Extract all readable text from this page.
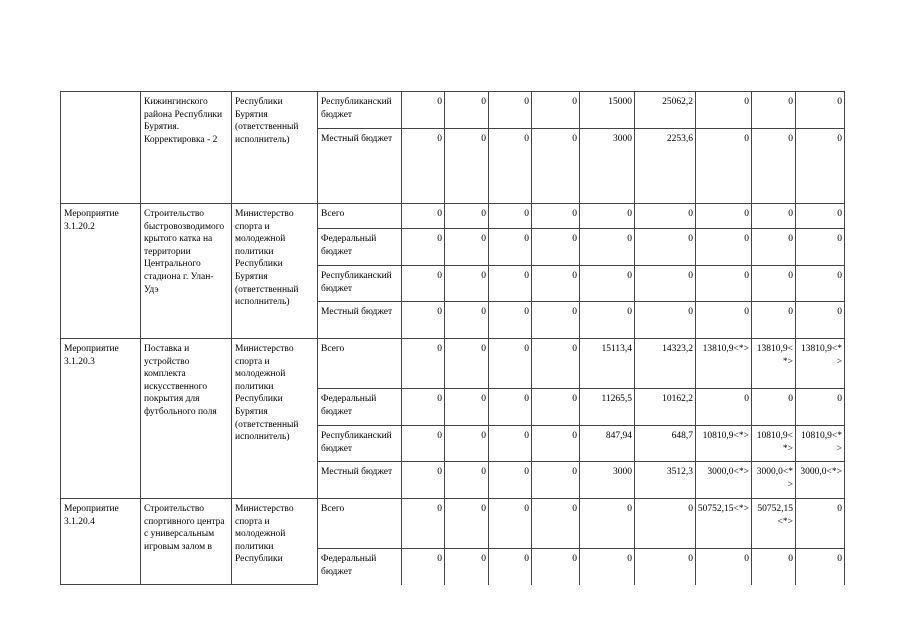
	Кижингинского района Республики Бурятия. Корректировка - 2	Республики Бурятия (ответственный исполнитель)	Республиканский бюджет	0	0	0	0	15000	25062,2	0	0	0
			Местный бюджет	0	0	0	0	3000	2253,6	0	0	0
Мероприятие 3.1.20.2	Строительство быстровозводимого крытого катка на территории Центрального стадиона г. Улан-Удэ	Министерство спорта и молодежной политики Республики Бурятия (ответственный исполнитель)	Всего	0	0	0	0	0	0	0	0	0
			Федеральный бюджет	0	0	0	0	0	0	0	0	0
			Республиканский бюджет	0	0	0	0	0	0	0	0	0
			Местный бюджет	0	0	0	0	0	0	0	0	0
Мероприятие 3.1.20.3	Поставка и устройство комплекта искусственного покрытия для футбольного поля	Министерство спорта и молодежной политики Республики Бурятия (ответственный исполнитель)	Всего	0	0	0	0	15113,4	14323,2	13810,9<*>	13810,9<*>	13810,9<*>
			Федеральный бюджет	0	0	0	0	11265,5	10162,2	0	0	0
			Республиканский бюджет	0	0	0	0	847,94	648,7	10810,9<*>	10810,9<*>	10810,9<*>
			Местный бюджет	0	0	0	0	3000	3512,3	3000,0<*>	3000,0<*>	3000,0<*>
Мероприятие 3.1.20.4	Строительство спортивного центра с универсальным игровым залом в	Министерство спорта и молодежной политики Республики	Всего	0	0	0	0	0	0	50752,15<*>	50752,15<*>	0
			Федеральный бюджет	0	0	0	0	0	0	0	0	0
